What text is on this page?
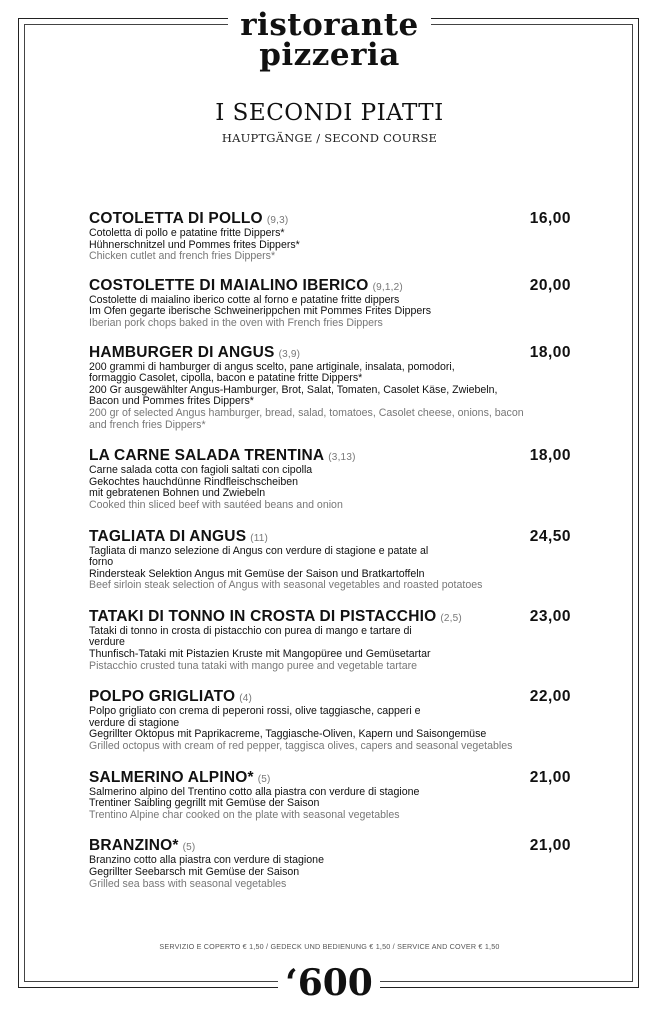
ristorante
pizzeria
I SECONDI PIATTI
HAUPTGÄNGE / SECOND COURSE
COTOLETTA DI POLLO (9,3)	16,00
Cotoletta di pollo e patatine fritte Dippers*
Hühnerschnitzel und Pommes frites Dippers*
Chicken cutlet and french fries Dippers*
COSTOLETTE DI MAIALINO IBERICO (9,1,2)	20,00
Costolette di maialino iberico cotte al forno e patatine fritte dippers
Im Ofen gegarte iberische Schweinerippchen mit Pommes Frites Dippers
Iberian pork chops baked in the oven with French fries Dippers
HAMBURGER DI ANGUS (3,9)	18,00
200 grammi di hamburger di angus scelto, pane artiginale, insalata, pomodori, formaggio Casolet, cipolla, bacon e patatine fritte Dippers*
200 Gr ausgewählter Angus-Hamburger, Brot, Salat, Tomaten, Casolet Käse, Zwiebeln, Bacon und Pommes frites Dippers*
200 gr of selected Angus hamburger, bread, salad, tomatoes, Casolet cheese, onions, bacon and french fries Dippers*
LA CARNE SALADA TRENTINA (3,13)	18,00
Carne salada cotta con fagioli saltati con cipolla
Gekochtes hauchdünne Rindfleischscheiben mit gebratenen Bohnen und Zwiebeln
Cooked thin sliced beef with sautéed beans and onion
TAGLIATA DI ANGUS (11)	24,50
Tagliata di manzo selezione di Angus con verdure di stagione e patate al forno
Rindersteak Selektion Angus mit Gemüse der Saison und Bratkartoffeln
Beef sirloin steak selection of Angus with seasonal vegetables and roasted potatoes
TATAKI DI TONNO IN CROSTA DI PISTACCHIO (2,5)	23,00
Tataki di tonno in crosta di pistacchio con purea di mango e tartare di verdure
Thunfisch-Tataki mit Pistazien Kruste mit Mangopüree und Gemüsetartar
Pistacchio crusted tuna tataki with mango puree and vegetable tartare
POLPO GRIGLIATO (4)	22,00
Polpo grigliato con crema di peperoni rossi, olive taggiasche, capperi e verdure di stagione
Gegrillter Oktopus mit Paprikacreme, Taggiasche-Oliven, Kapern und Saisongemüse
Grilled octopus with cream of red pepper, taggisca olives, capers and seasonal vegetables
SALMERINO ALPINO* (5)	21,00
Salmerino alpino del Trentino cotto alla piastra con verdure di stagione
Trentiner Saibling gegrillt mit Gemüse der Saison
Trentino Alpine char cooked on the plate with seasonal vegetables
BRANZINO* (5)	21,00
Branzino cotto alla piastra con verdure di stagione
Gegrillter Seebarsch mit Gemüse der Saison
Grilled sea bass with seasonal vegetables
SERVIZIO E COPERTO € 1,50 / GEDECK UND BEDIENUNG € 1,50 / SERVICE AND COVER € 1,50
‘600
